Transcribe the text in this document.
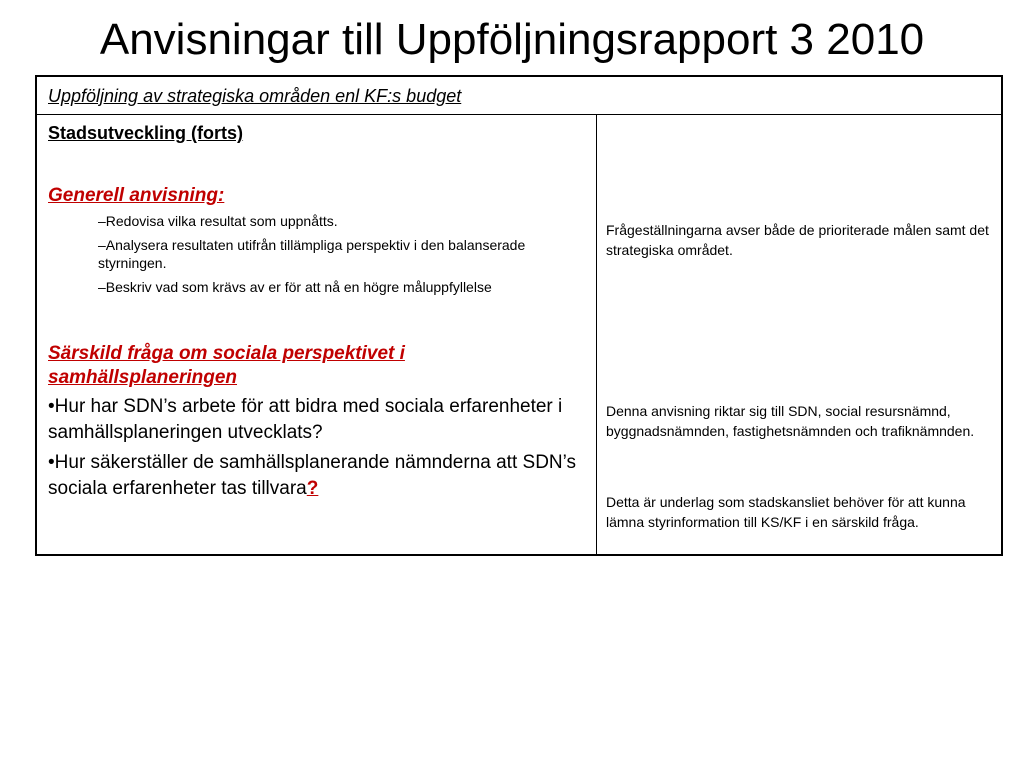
Anvisningar till Uppföljningsrapport 3 2010
Uppföljning av strategiska områden enl KF:s budget
Stadsutveckling (forts)
Generell anvisning:
–Redovisa vilka resultat som uppnåtts.
–Analysera resultaten utifrån tillämpliga perspektiv i den balanserade styrningen.
–Beskriv vad som krävs av er för att nå en högre måluppfyllelse
Särskild fråga om sociala perspektivet i samhällsplaneringen
•Hur har SDN’s arbete för att bidra med sociala erfarenheter i samhällsplaneringen utvecklats?
•Hur säkerställer de samhällsplanerande nämnderna att SDN’s sociala erfarenheter tas tillvara?

Frågeställningarna avser både de prioriterade målen samt det strategiska området.

Denna anvisning riktar sig till SDN, social resursnämnd, byggnadsnämnden, fastighetsnämnden och trafiknämnden.

Detta är underlag som stadskansliet behöver för att kunna lämna styrinformation till KS/KF i en särskild fråga.
